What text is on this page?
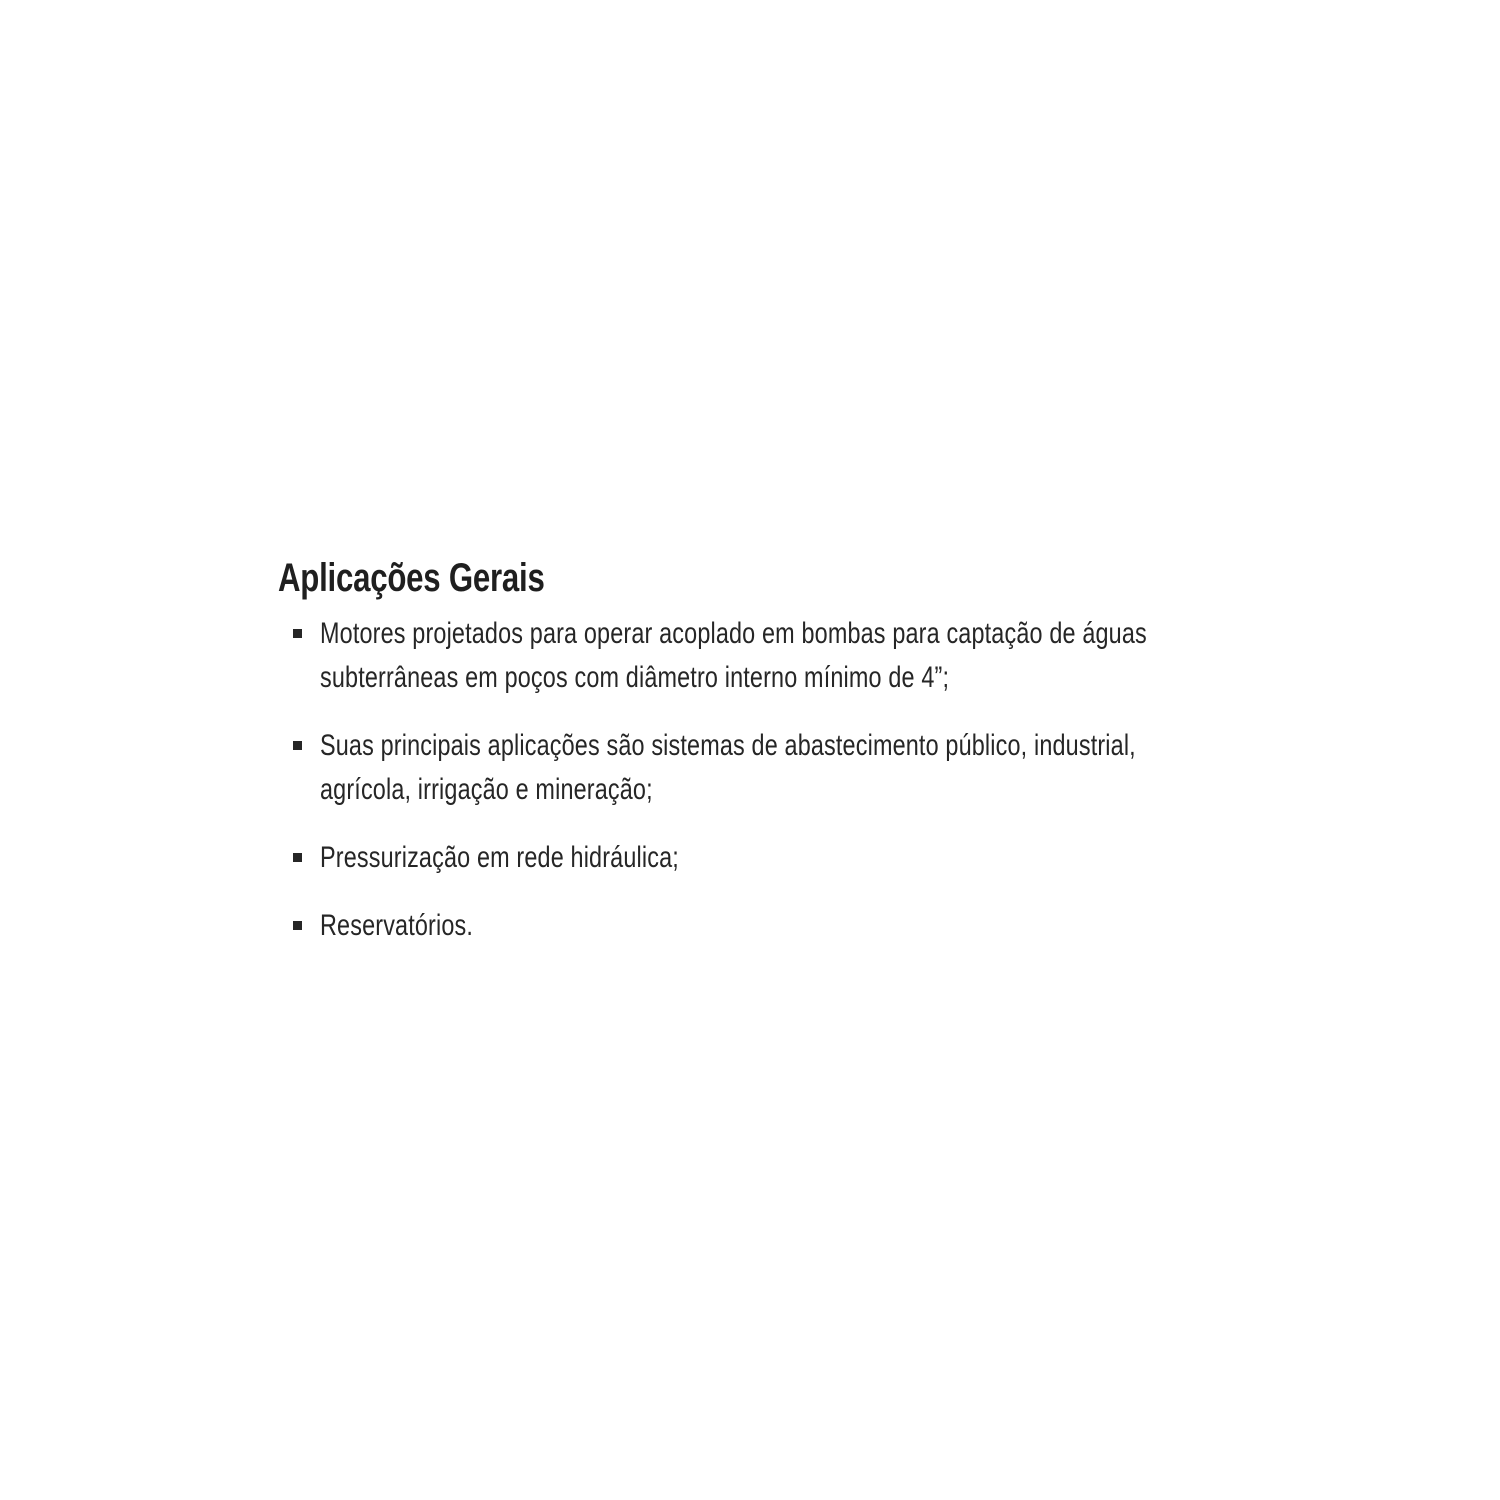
Aplicações Gerais
Motores projetados para operar acoplado em bombas para captação de águas subterrâneas em poços com diâmetro interno mínimo de 4”;
Suas principais aplicações são sistemas de abastecimento público, industrial, agrícola, irrigação e mineração;
Pressurização em rede hidráulica;
Reservatórios.
